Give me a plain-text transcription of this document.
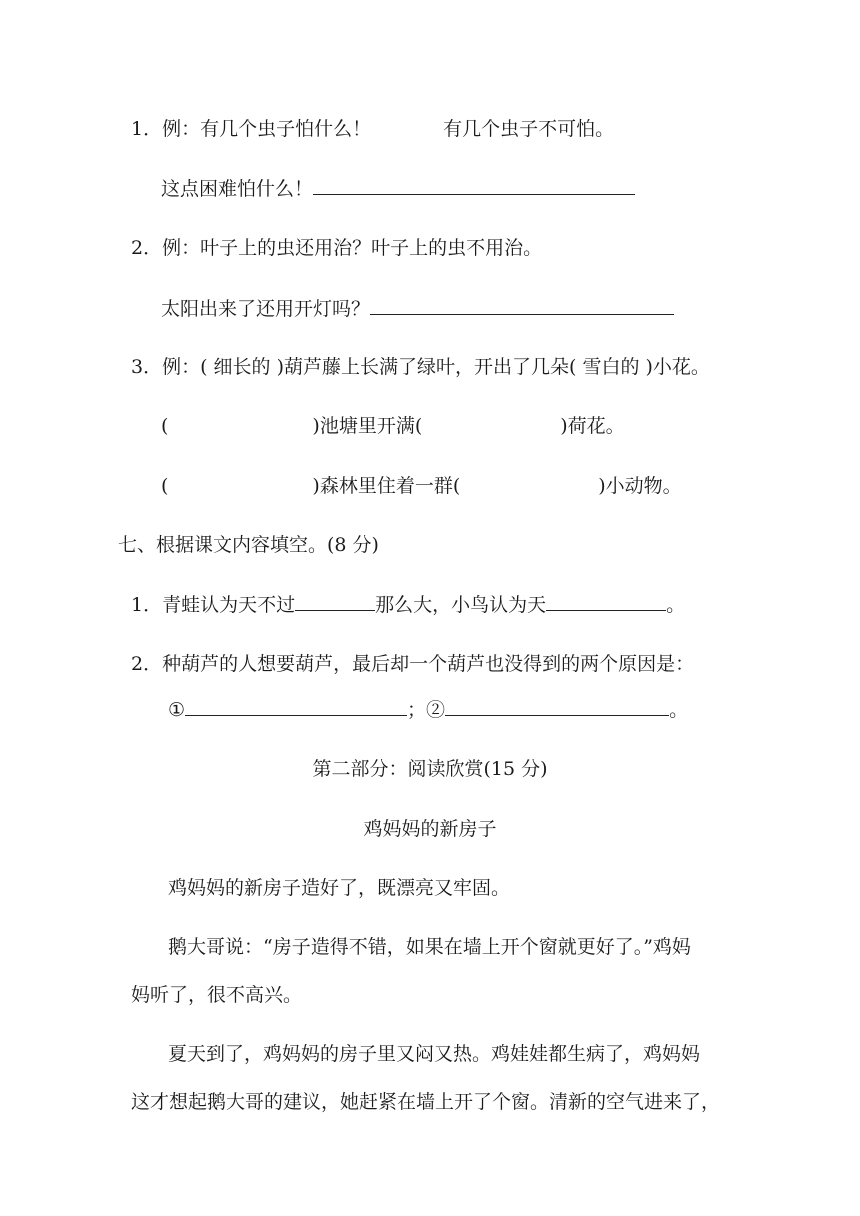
1．例：有几个虫子怕什么！	有几个虫子不可怕。
这点困难怕什么！
2．例：叶子上的虫还用治？叶子上的虫不用治。
太阳出来了还用开灯吗？
3．例：( 细长的 )葫芦藤上长满了绿叶，开出了几朵( 雪白的 )小花。
(	)池塘里开满(	)荷花。
(	)森林里住着一群(	)小动物。
七、根据课文内容填空。(8 分)
1．青蛙认为天不过	那么大，小鸟认为天	。
2．种葫芦的人想要葫芦，最后却一个葫芦也没得到的两个原因是：
①	；②	。
第二部分：阅读欣赏(15 分)
鸡妈妈的新房子
鸡妈妈的新房子造好了，既漂亮又牢固。
鹅大哥说：“房子造得不错，如果在墙上开个窗就更好了。”鸡妈
妈听了，很不高兴。
夏天到了，鸡妈妈的房子里又闷又热。鸡娃娃都生病了，鸡妈妈
这才想起鹅大哥的建议，她赶紧在墙上开了个窗。清新的空气进来了，
